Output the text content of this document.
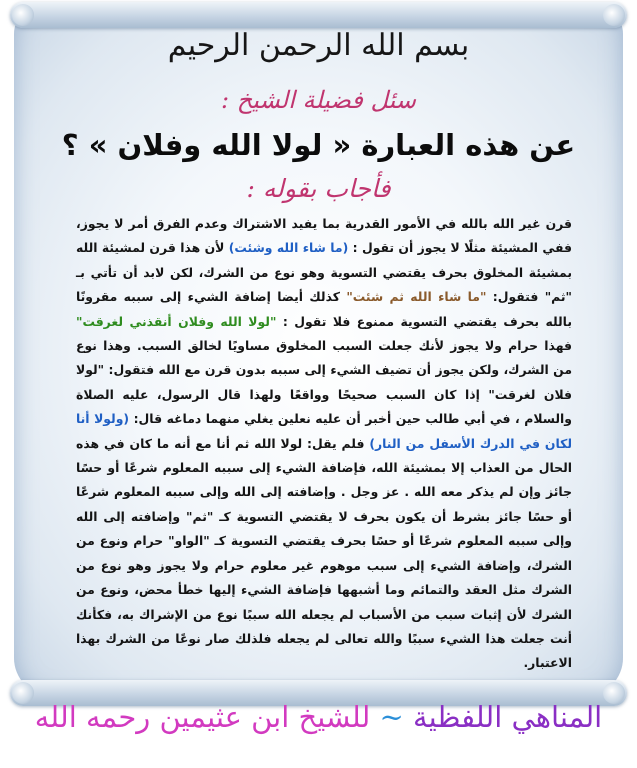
بسم الله الرحمن الرحيم
سئل فضيلة الشيخ :
عن هذه العبارة « لولا الله وفلان » ؟
فأجاب بقوله :
قرن غير الله بالله في الأمور القدرية بما يفيد الاشتراك وعدم الفرق أمر لا يجوز، ففي المشيئة مثلًا لا يجوز أن تقول : (ما شاء الله وشئت) لأن هذا قرن لمشيئة الله بمشيئة المخلوق بحرف يقتضي التسوية وهو نوع من الشرك، لكن لابد أن تأتي بـ "ثم" فتقول: "ما شاء الله ثم شئت" كذلك أيضا إضافة الشيء إلى سببه مقرونًا بالله بحرف يقتضي التسوية ممنوع فلا تقول : "لولا الله وفلان أنقذني لغرقت" فهذا حرام ولا يجوز لأنك جعلت السبب المخلوق مساويًا لخالق السبب. وهذا نوع من الشرك، ولكن يجوز أن تضيف الشيء إلى سببه بدون قرن مع الله فتقول: "لولا فلان لغرقت" إذا كان السبب صحيحًا وواقعًا ولهذا قال الرسول، عليه الصلاة والسلام ، في أبي طالب حين أخبر أن عليه نعلين يغلي منهما دماغه قال: (ولولا أنا لكان في الدرك الأسفل من النار) فلم يقل: لولا الله ثم أنا مع أنه ما كان في هذه الحال من العذاب إلا بمشيئة الله، فإضافة الشيء إلى سببه المعلوم شرعًا أو حسًا جائز وإن لم يذكر معه الله . عز وجل . وإضافته إلى الله وإلى سببه المعلوم شرعًا أو حسًا جائز بشرط أن يكون بحرف لا يقتضي التسوية كـ "ثم" وإضافته إلى الله وإلى سببه المعلوم شرعًا أو حسًا بحرف يقتضي التسوية كـ "الواو" حرام ونوع من الشرك، وإضافة الشيء إلى سبب موهوم غير معلوم حرام ولا يجوز وهو نوع من الشرك مثل العقد والتمائم وما أشبهها فإضافة الشيء إليها خطأ محض، ونوع من الشرك لأن إثبات سبب من الأسباب لم يجعله الله سببًا نوع من الإشراك به، فكأنك أنت جعلت هذا الشيء سببًا والله تعالى لم يجعله فلذلك صار نوعًا من الشرك بهذا الاعتبار.
المناهي اللفظية ~ للشيخ ابن عثيمين رحمه الله
